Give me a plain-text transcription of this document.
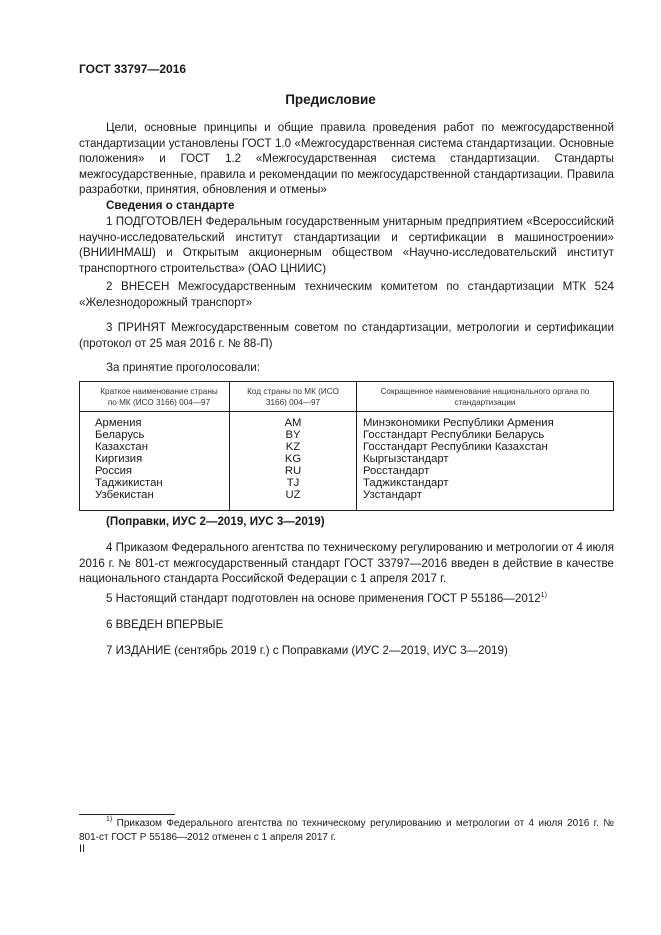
ГОСТ 33797—2016
Предисловие
Цели, основные принципы и общие правила проведения работ по межгосударственной стандартизации установлены ГОСТ 1.0 «Межгосударственная система стандартизации. Основные положения» и ГОСТ 1.2 «Межгосударственная система стандартизации. Стандарты межгосударственные, правила и рекомендации по межгосударственной стандартизации. Правила разработки, принятия, обновления и отмены»
Сведения о стандарте
1 ПОДГОТОВЛЕН Федеральным государственным унитарным предприятием «Всероссийский научно-исследовательский институт стандартизации и сертификации в машиностроении» (ВНИИНМАШ) и Открытым акционерным обществом «Научно-исследовательский институт транспортного строительства» (ОАО ЦНИИС)
2 ВНЕСЕН Межгосударственным техническим комитетом по стандартизации МТК 524 «Железнодорожный транспорт»
3 ПРИНЯТ Межгосударственным советом по стандартизации, метрологии и сертификации (протокол от 25 мая 2016 г. № 88-П)
За принятие проголосовали:
Краткое наименование страны по МК (ИСО 3166) 004—97	Код страны по МК (ИСО 3166) 004—97	Сокращенное наименование национального органа по стандартизации
Армения	AM	Минэкономики Республики Армения
Беларусь	BY	Госстандарт Республики Беларусь
Казахстан	KZ	Госстандарт Республики Казахстан
Киргизия	KG	Кыргызстандарт
Россия	RU	Росстандарт
Таджикистан	TJ	Таджикстандарт
Узбекистан	UZ	Узстандарт
(Поправки, ИУС 2—2019, ИУС 3—2019)
4 Приказом Федерального агентства по техническому регулированию и метрологии от 4 июля 2016 г. № 801-ст межгосударственный стандарт ГОСТ 33797—2016 введен в действие в качестве национального стандарта Российской Федерации с 1 апреля 2017 г.
5 Настоящий стандарт подготовлен на основе применения ГОСТ Р 55186—2012$^{1)}$
6 ВВЕДЕН ВПЕРВЫЕ
7 ИЗДАНИЕ (сентябрь 2019 г.) с Поправками (ИУС 2—2019, ИУС 3—2019)
$^{1)}$ Приказом Федерального агентства по техническому регулированию и метрологии от 4 июля 2016 г. № 801-ст ГОСТ Р 55186—2012 отменен с 1 апреля 2017 г.
II
